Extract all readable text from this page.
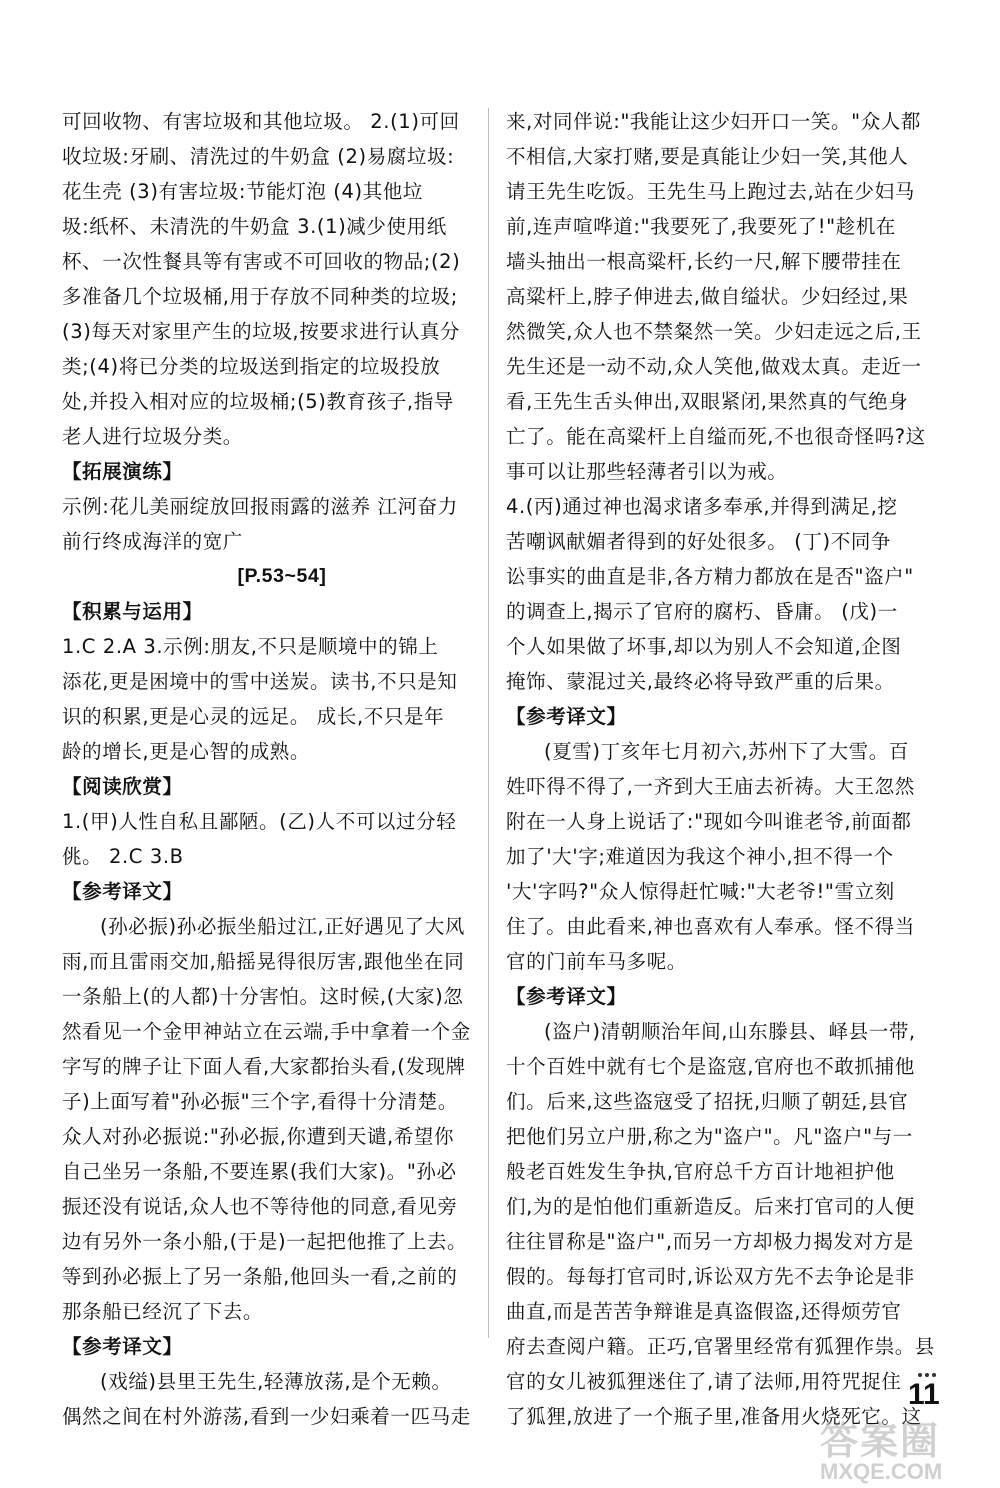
可回收物、有害垃圾和其他垃圾。 2.(1)可回
收垃圾:牙刷、清洗过的牛奶盒 (2)易腐垃圾:
花生壳 (3)有害垃圾:节能灯泡 (4)其他垃
圾:纸杯、未清洗的牛奶盒 3.(1)减少使用纸
杯、一次性餐具等有害或不可回收的物品;(2)
多准备几个垃圾桶,用于存放不同种类的垃圾;
(3)每天对家里产生的垃圾,按要求进行认真分
类;(4)将已分类的垃圾送到指定的垃圾投放
处,并投入相对应的垃圾桶;(5)教育孩子,指导
老人进行垃圾分类。
【拓展演练】
示例:花儿美丽绽放回报雨露的滋养 江河奋力
前行终成海洋的宽广
[P.53~54]
【积累与运用】
1.C 2.A 3.示例:朋友,不只是顺境中的锦上
添花,更是困境中的雪中送炭。读书,不只是知
识的积累,更是心灵的远足。 成长,不只是年
龄的增长,更是心智的成熟。
【阅读欣赏】
1.(甲)人性自私且鄙陋。(乙)人不可以过分轻
佻。 2.C 3.B
【参考译文】
(孙必振)孙必振坐船过江,正好遇见了大风
雨,而且雷雨交加,船摇晃得很厉害,跟他坐在同
一条船上(的人都)十分害怕。这时候,(大家)忽
然看见一个金甲神站立在云端,手中拿着一个金
字写的牌子让下面人看,大家都抬头看,(发现牌
子)上面写着"孙必振"三个字,看得十分清楚。
众人对孙必振说:"孙必振,你遭到天谴,希望你
自己坐另一条船,不要连累(我们大家)。"孙必
振还没有说话,众人也不等待他的同意,看见旁
边有另外一条小船,(于是)一起把他推了上去。
等到孙必振上了另一条船,他回头一看,之前的
那条船已经沉了下去。
【参考译文】
(戏缢)县里王先生,轻薄放荡,是个无赖。
偶然之间在村外游荡,看到一少妇乘着一匹马走
来,对同伴说:"我能让这少妇开口一笑。"众人都
不相信,大家打赌,要是真能让少妇一笑,其他人
请王先生吃饭。王先生马上跑过去,站在少妇马
前,连声喧哗道:"我要死了,我要死了!"趁机在
墙头抽出一根高粱杆,长约一尺,解下腰带挂在
高粱杆上,脖子伸进去,做自缢状。少妇经过,果
然微笑,众人也不禁粲然一笑。少妇走远之后,王
先生还是一动不动,众人笑他,做戏太真。走近一
看,王先生舌头伸出,双眼紧闭,果然真的气绝身
亡了。能在高粱杆上自缢而死,不也很奇怪吗?这
事可以让那些轻薄者引以为戒。
4.(丙)通过神也渴求诸多奉承,并得到满足,挖
苦嘲讽献媚者得到的好处很多。 (丁)不同争
讼事实的曲直是非,各方精力都放在是否"盗户"
的调查上,揭示了官府的腐朽、昏庸。 (戊)一
个人如果做了坏事,却以为别人不会知道,企图
掩饰、蒙混过关,最终必将导致严重的后果。
【参考译文】
(夏雪)丁亥年七月初六,苏州下了大雪。百
姓吓得不得了,一齐到大王庙去祈祷。大王忽然
附在一人身上说话了:"现如今叫谁老爷,前面都
加了'大'字;难道因为我这个神小,担不得一个
'大'字吗?"众人惊得赶忙喊:"大老爷!"雪立刻
住了。由此看来,神也喜欢有人奉承。怪不得当
官的门前车马多呢。
【参考译文】
(盗户)清朝顺治年间,山东滕县、峄县一带,
十个百姓中就有七个是盗寇,官府也不敢抓捕他
们。后来,这些盗寇受了招抚,归顺了朝廷,县官
把他们另立户册,称之为"盗户"。凡"盗户"与一
般老百姓发生争执,官府总千方百计地袒护他
们,为的是怕他们重新造反。后来打官司的人便
往往冒称是"盗户",而另一方却极力揭发对方是
假的。每每打官司时,诉讼双方先不去争论是非
曲直,而是苦苦争辩谁是真盗假盗,还得烦劳官
府去查阅户籍。正巧,官署里经常有狐狸作祟。县
官的女儿被狐狸迷住了,请了法师,用符咒捉住
了狐狸,放进了一个瓶子里,准备用火烧死它。这
11
答案圈
MXQE.COM
